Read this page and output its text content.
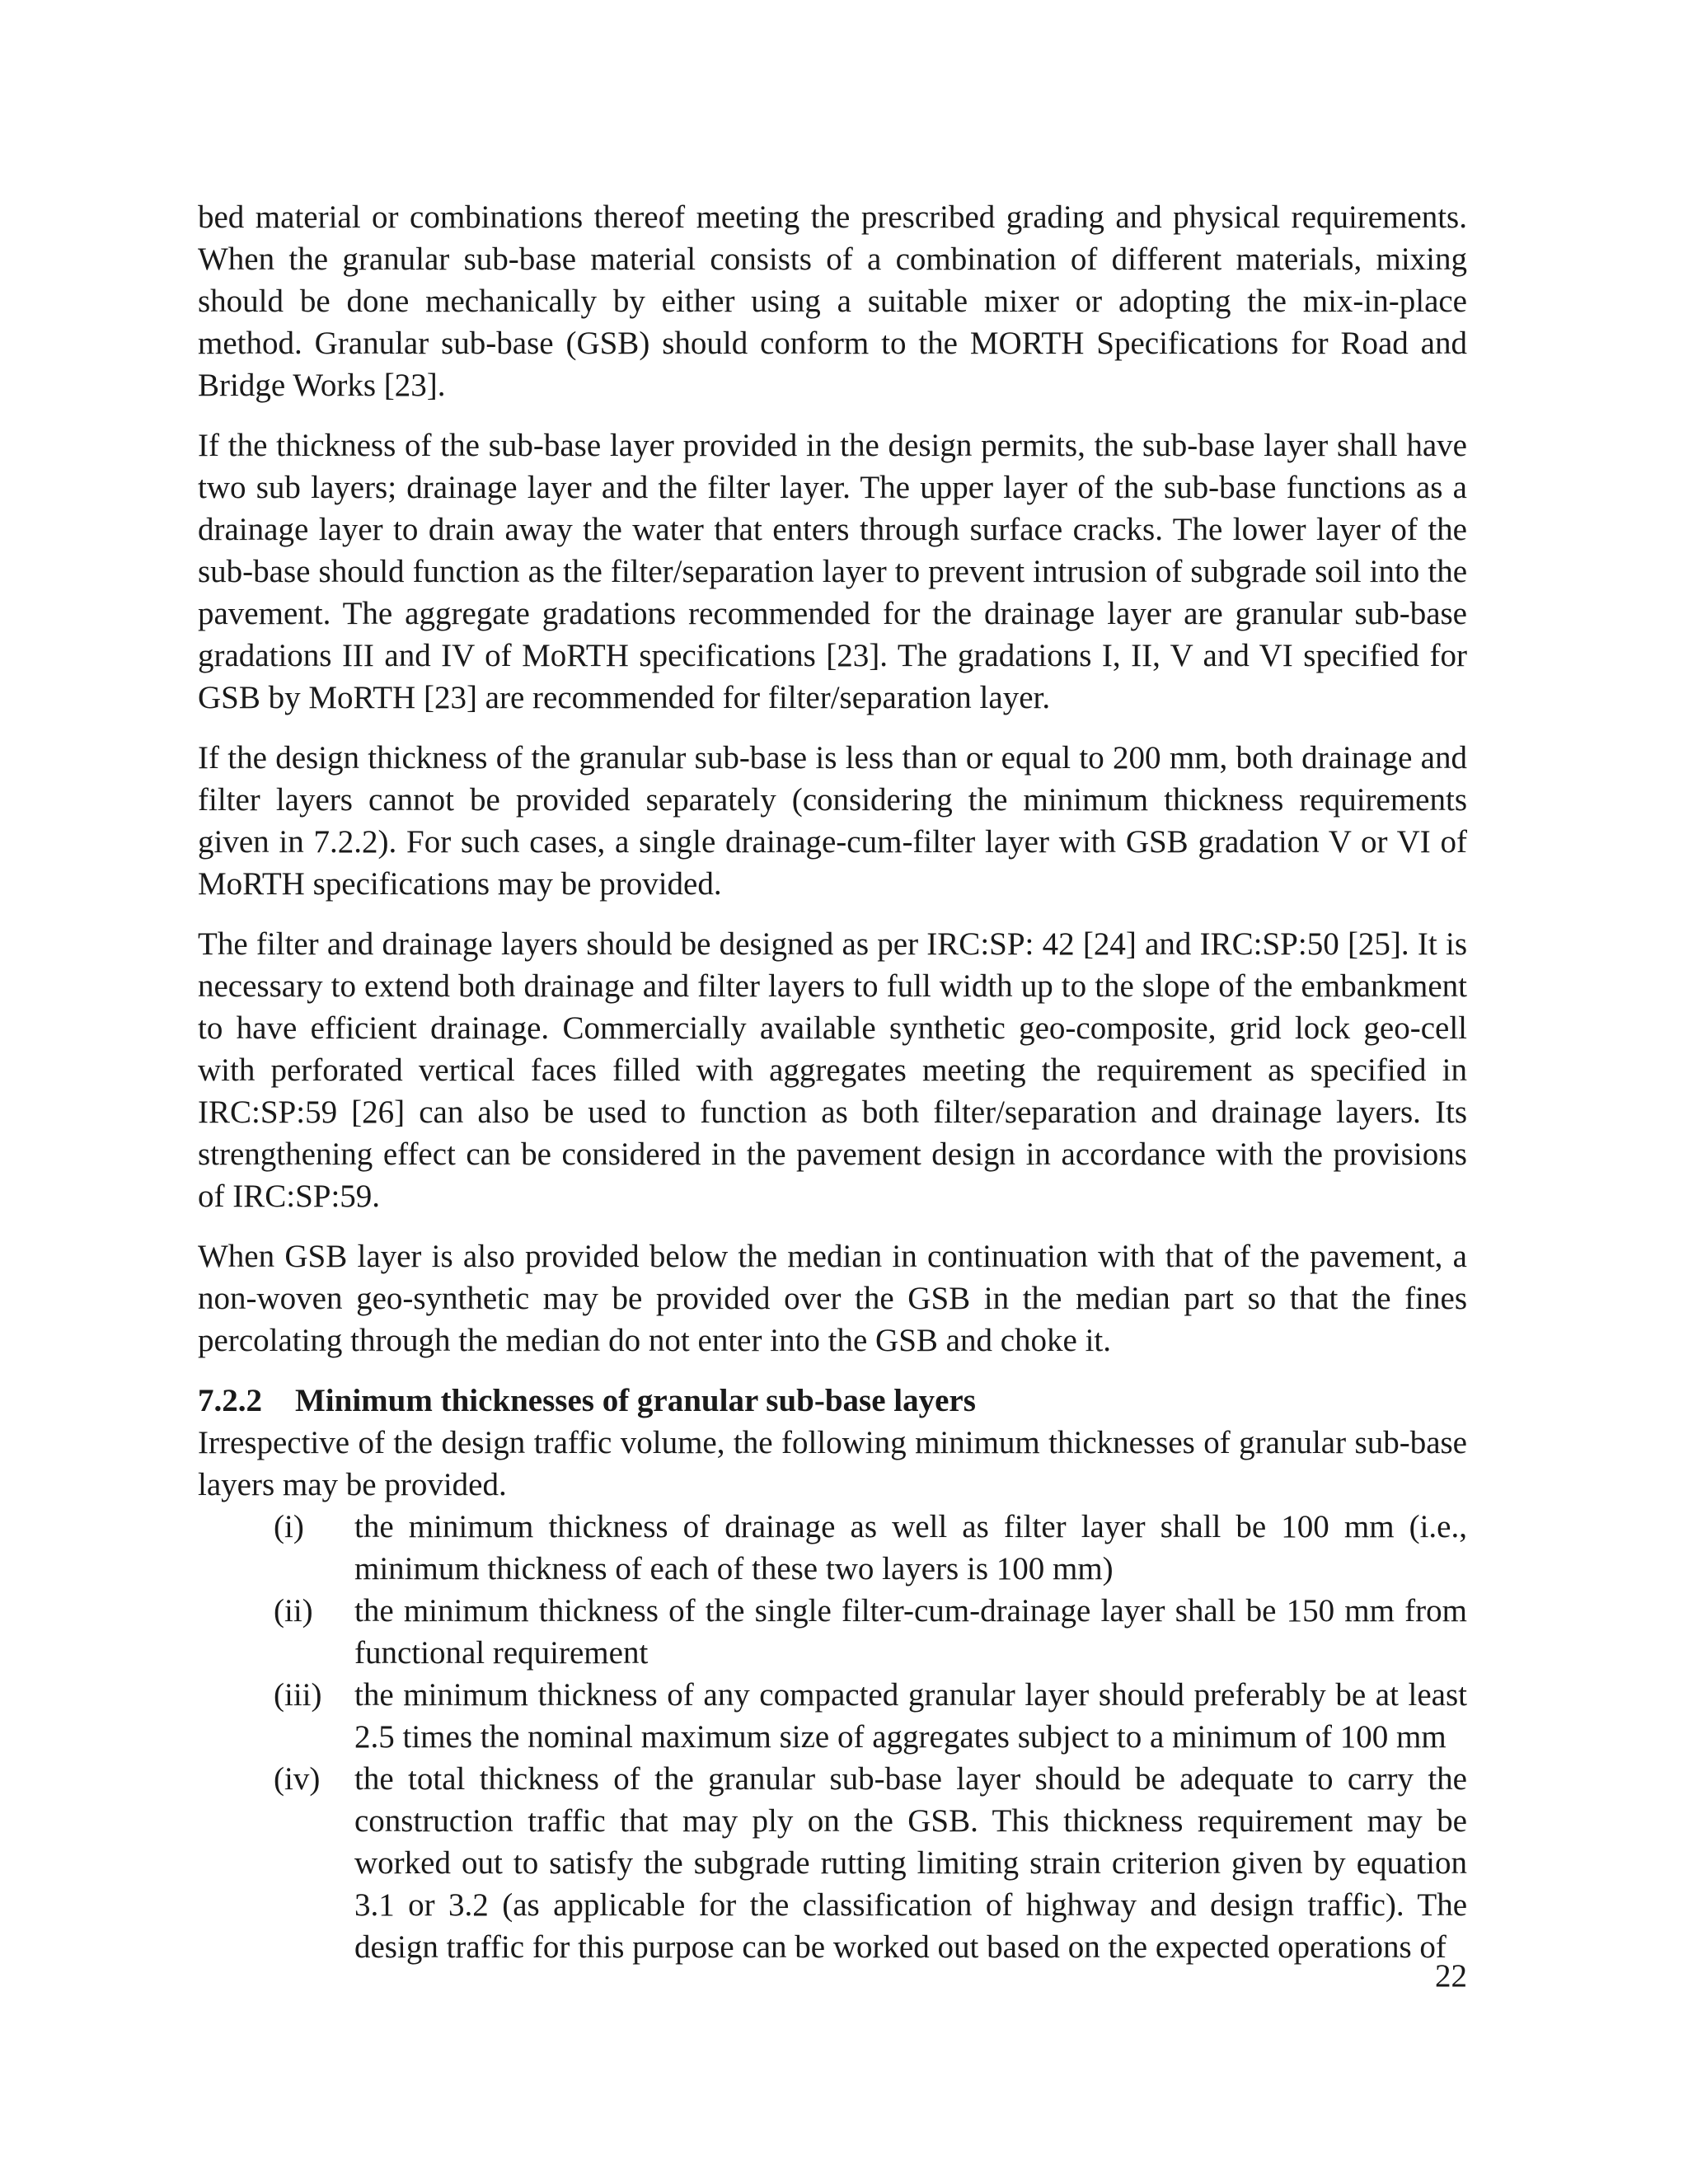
bed material or combinations thereof meeting the prescribed grading and physical requirements. When the granular sub-base material consists of a combination of different materials, mixing should be done mechanically by either using a suitable mixer or adopting the mix-in-place method. Granular sub-base (GSB) should conform to the MORTH Specifications for Road and Bridge Works [23].

If the thickness of the sub-base layer provided in the design permits, the sub-base layer shall have two sub layers; drainage layer and the filter layer. The upper layer of the sub-base functions as a drainage layer to drain away the water that enters through surface cracks. The lower layer of the sub-base should function as the filter/separation layer to prevent intrusion of subgrade soil into the pavement. The aggregate gradations recommended for the drainage layer are granular sub-base gradations III and IV of MoRTH specifications [23]. The gradations I, II, V and VI specified for GSB by MoRTH [23] are recommended for filter/separation layer.

If the design thickness of the granular sub-base is less than or equal to 200 mm, both drainage and filter layers cannot be provided separately (considering the minimum thickness requirements given in 7.2.2). For such cases, a single drainage-cum-filter layer with GSB gradation V or VI of MoRTH specifications may be provided.

The filter and drainage layers should be designed as per IRC:SP: 42 [24] and IRC:SP:50 [25]. It is necessary to extend both drainage and filter layers to full width up to the slope of the embankment to have efficient drainage. Commercially available synthetic geo-composite, grid lock geo-cell with perforated vertical faces filled with aggregates meeting the requirement as specified in IRC:SP:59 [26] can also be used to function as both filter/separation and drainage layers. Its strengthening effect can be considered in the pavement design in accordance with the provisions of IRC:SP:59.

When GSB layer is also provided below the median in continuation with that of the pavement, a non-woven geo-synthetic may be provided over the GSB in the median part so that the fines percolating through the median do not enter into the GSB and choke it.

7.2.2 Minimum thicknesses of granular sub-base layers

Irrespective of the design traffic volume, the following minimum thicknesses of granular sub-base layers may be provided.

(i)	the minimum thickness of drainage as well as filter layer shall be 100 mm (i.e., minimum thickness of each of these two layers is 100 mm)
(ii)	the minimum thickness of the single filter-cum-drainage layer shall be 150 mm from functional requirement
(iii)	the minimum thickness of any compacted granular layer should preferably be at least 2.5 times the nominal maximum size of aggregates subject to a minimum of 100 mm
(iv)	the total thickness of the granular sub-base layer should be adequate to carry the construction traffic that may ply on the GSB. This thickness requirement may be worked out to satisfy the subgrade rutting limiting strain criterion given by equation 3.1 or 3.2 (as applicable for the classification of highway and design traffic). The design traffic for this purpose can be worked out based on the expected operations of
22
